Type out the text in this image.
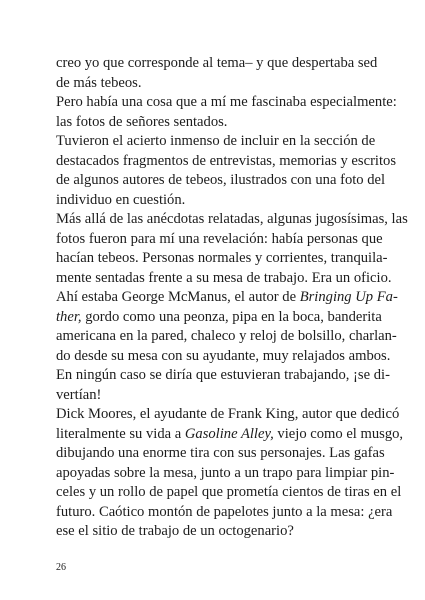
creo yo que corresponde al tema– y que despertaba sed
de más tebeos.
Pero había una cosa que a mí me fascinaba especialmente:
las fotos de señores sentados.
Tuvieron el acierto inmenso de incluir en la sección de
destacados fragmentos de entrevistas, memorias y escritos
de algunos autores de tebeos, ilustrados con una foto del
individuo en cuestión.
Más allá de las anécdotas relatadas, algunas jugosísimas, las
fotos fueron para mí una revelación: había personas que
hacían tebeos. Personas normales y corrientes, tranquila-
mente sentadas frente a su mesa de trabajo. Era un oficio.
Ahí estaba George McManus, el autor de Bringing Up Fa-
ther, gordo como una peonza, pipa en la boca, banderita
americana en la pared, chaleco y reloj de bolsillo, charlan-
do desde su mesa con su ayudante, muy relajados ambos.
En ningún caso se diría que estuvieran trabajando, ¡se di-
vertían!
Dick Moores, el ayudante de Frank King, autor que dedicó
literalmente su vida a Gasoline Alley, viejo como el musgo,
dibujando una enorme tira con sus personajes. Las gafas
apoyadas sobre la mesa, junto a un trapo para limpiar pin-
celes y un rollo de papel que prometía cientos de tiras en el
futuro. Caótico montón de papelotes junto a la mesa: ¿era
ese el sitio de trabajo de un octogenario?
26
